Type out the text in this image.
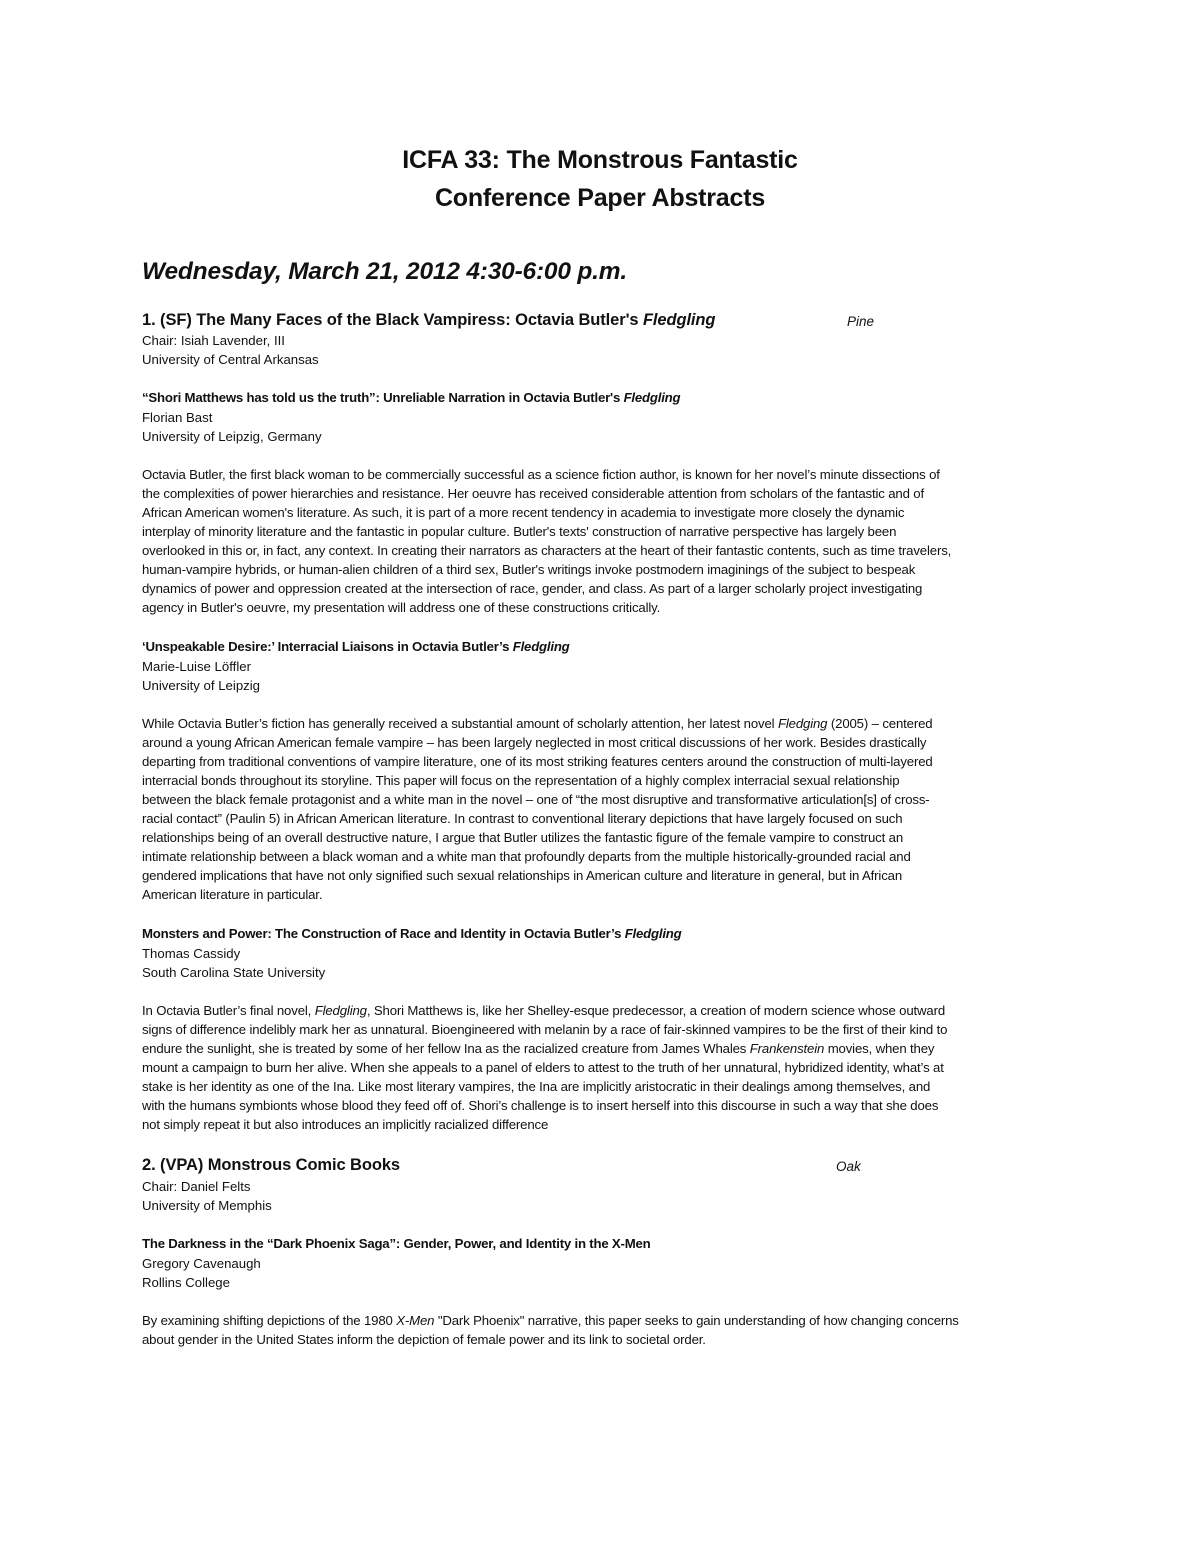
ICFA 33: The Monstrous Fantastic
Conference Paper Abstracts
Wednesday, March 21, 2012 4:30-6:00 p.m.
1. (SF) The Many Faces of the Black Vampiress: Octavia Butler's Fledgling	Pine
Chair: Isiah Lavender, III
University of Central Arkansas
“Shori Matthews has told us the truth”: Unreliable Narration in Octavia Butler's Fledgling
Florian Bast
University of Leipzig, Germany
Octavia Butler, the first black woman to be commercially successful as a science fiction author, is known for her novel’s minute dissections of
the complexities of power hierarchies and resistance. Her oeuvre has received considerable attention from scholars of the fantastic and of
African American women's literature. As such, it is part of a more recent tendency in academia to investigate more closely the dynamic
interplay of minority literature and the fantastic in popular culture. Butler's texts' construction of narrative perspective has largely been
overlooked in this or, in fact, any context. In creating their narrators as characters at the heart of their fantastic contents, such as time travelers,
human-vampire hybrids, or human-alien children of a third sex, Butler's writings invoke postmodern imaginings of the subject to bespeak
dynamics of power and oppression created at the intersection of race, gender, and class. As part of a larger scholarly project investigating
agency in Butler's oeuvre, my presentation will address one of these constructions critically.
‘Unspeakable Desire:’ Interracial Liaisons in Octavia Butler’s Fledgling
Marie-Luise Löffler
University of Leipzig
While Octavia Butler’s fiction has generally received a substantial amount of scholarly attention, her latest novel Fledging (2005) – centered
around a young African American female vampire – has been largely neglected in most critical discussions of her work. Besides drastically
departing from traditional conventions of vampire literature, one of its most striking features centers around the construction of multi-layered
interracial bonds throughout its storyline. This paper will focus on the representation of a highly complex interracial sexual relationship
between the black female protagonist and a white man in the novel – one of “the most disruptive and transformative articulation[s] of cross-
racial contact” (Paulin 5) in African American literature. In contrast to conventional literary depictions that have largely focused on such
relationships being of an overall destructive nature, I argue that Butler utilizes the fantastic figure of the female vampire to construct an
intimate relationship between a black woman and a white man that profoundly departs from the multiple historically-grounded racial and
gendered implications that have not only signified such sexual relationships in American culture and literature in general, but in African
American literature in particular.
Monsters and Power: The Construction of Race and Identity in Octavia Butler’s Fledgling
Thomas Cassidy
South Carolina State University
In Octavia Butler’s final novel, Fledgling, Shori Matthews is, like her Shelley-esque predecessor, a creation of modern science whose outward
signs of difference indelibly mark her as unnatural. Bioengineered with melanin by a race of fair-skinned vampires to be the first of their kind to
endure the sunlight, she is treated by some of her fellow Ina as the racialized creature from James Whales Frankenstein movies, when they
mount a campaign to burn her alive. When she appeals to a panel of elders to attest to the truth of her unnatural, hybridized identity, what’s at
stake is her identity as one of the Ina. Like most literary vampires, the Ina are implicitly aristocratic in their dealings among themselves, and
with the humans symbionts whose blood they feed off of. Shori’s challenge is to insert herself into this discourse in such a way that she does
not simply repeat it but also introduces an implicitly racialized difference
2. (VPA) Monstrous Comic Books	Oak
Chair: Daniel Felts
University of Memphis
The Darkness in the “Dark Phoenix Saga”: Gender, Power, and Identity in the X-Men
Gregory Cavenaugh
Rollins College
By examining shifting depictions of the 1980 X-Men "Dark Phoenix" narrative, this paper seeks to gain understanding of how changing concerns
about gender in the United States inform the depiction of female power and its link to societal order.
